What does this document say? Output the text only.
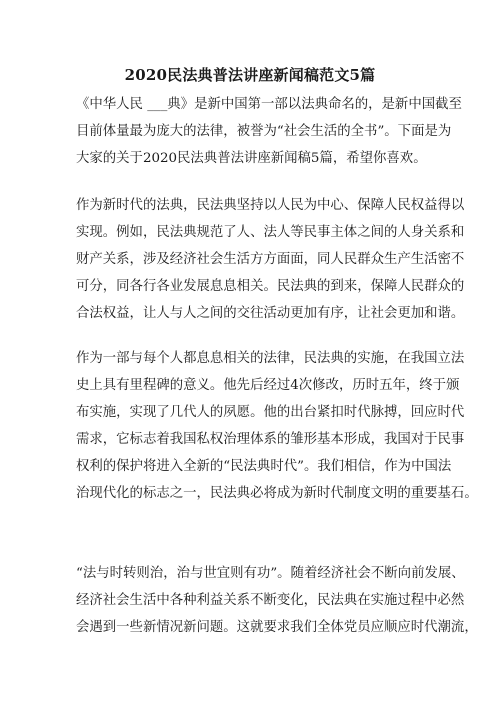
2020民法典普法讲座新闻稿范文5篇
《中华人民 ___典》是新中国第一部以法典命名的，是新中国截至
目前体量最为庞大的法律，被誉为“社会生活的全书”。下面是为
大家的关于2020民法典普法讲座新闻稿5篇，希望你喜欢。
作为新时代的法典，民法典坚持以人民为中心、保障人民权益得以
实现。例如，民法典规范了人、法人等民事主体之间的人身关系和
财产关系，涉及经济社会生活方方面面，同人民群众生产生活密不
可分，同各行各业发展息息相关。民法典的到来，保障人民群众的
合法权益，让人与人之间的交往活动更加有序，让社会更加和谐。
作为一部与每个人都息息相关的法律，民法典的实施，在我国立法
史上具有里程碑的意义。他先后经过4次修改，历时五年，终于颁
布实施，实现了几代人的夙愿。他的出台紧扣时代脉搏，回应时代
需求，它标志着我国私权治理体系的雏形基本形成，我国对于民事
权利的保护将进入全新的“民法典时代”。我们相信，作为中国法
治现代化的标志之一，民法典必将成为新时代制度文明的重要基石。
“法与时转则治，治与世宜则有功”。随着经济社会不断向前发展、
经济社会生活中各种利益关系不断变化，民法典在实施过程中必然
会遇到一些新情况新问题。这就要求我们全体党员应顺应时代潮流，
